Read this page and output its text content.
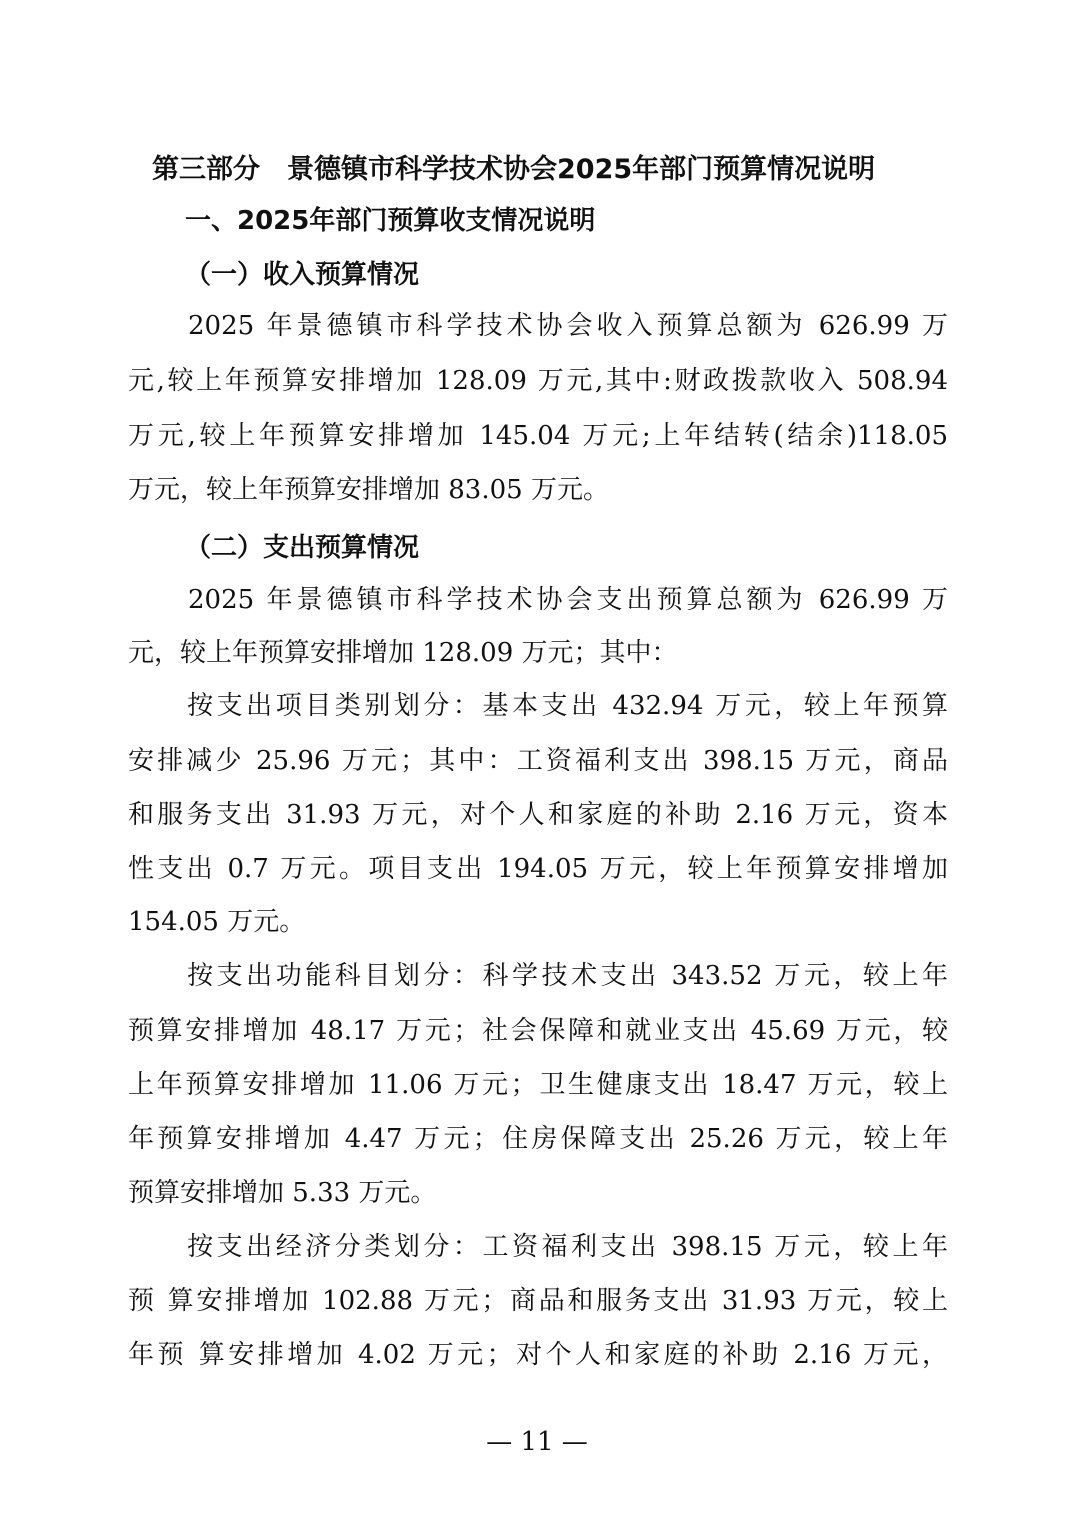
第三部分　景德镇市科学技术协会2025年部门预算情况说明
一、2025年部门预算收支情况说明
（一）收入预算情况
　　2025 年景德镇市科学技术协会收入预算总额为 626.99 万
元,较上年预算安排增加 128.09 万元,其中:财政拨款收入 508.94
万元,较上年预算安排增加 145.04 万元;上年结转(结余)118.05
万元，较上年预算安排增加 83.05 万元。
（二）支出预算情况
　　2025 年景德镇市科学技术协会支出预算总额为 626.99 万
元，较上年预算安排增加 128.09 万元；其中：
　　按支出项目类别划分：基本支出 432.94 万元，较上年预算
安排减少 25.96 万元；其中：工资福利支出 398.15 万元，商品
和服务支出 31.93 万元，对个人和家庭的补助 2.16 万元，资本
性支出 0.7 万元。项目支出 194.05 万元，较上年预算安排增加
154.05 万元。
　　按支出功能科目划分：科学技术支出 343.52 万元，较上年
预算安排增加 48.17 万元；社会保障和就业支出 45.69 万元，较
上年预算安排增加 11.06 万元；卫生健康支出 18.47 万元，较上
年预算安排增加 4.47 万元；住房保障支出 25.26 万元，较上年
预算安排增加 5.33 万元。
　　按支出经济分类划分：工资福利支出 398.15 万元，较上年
预 算安排增加 102.88 万元；商品和服务支出 31.93 万元，较上
年预 算安排增加 4.02 万元；对个人和家庭的补助 2.16 万元，
— 11 —
